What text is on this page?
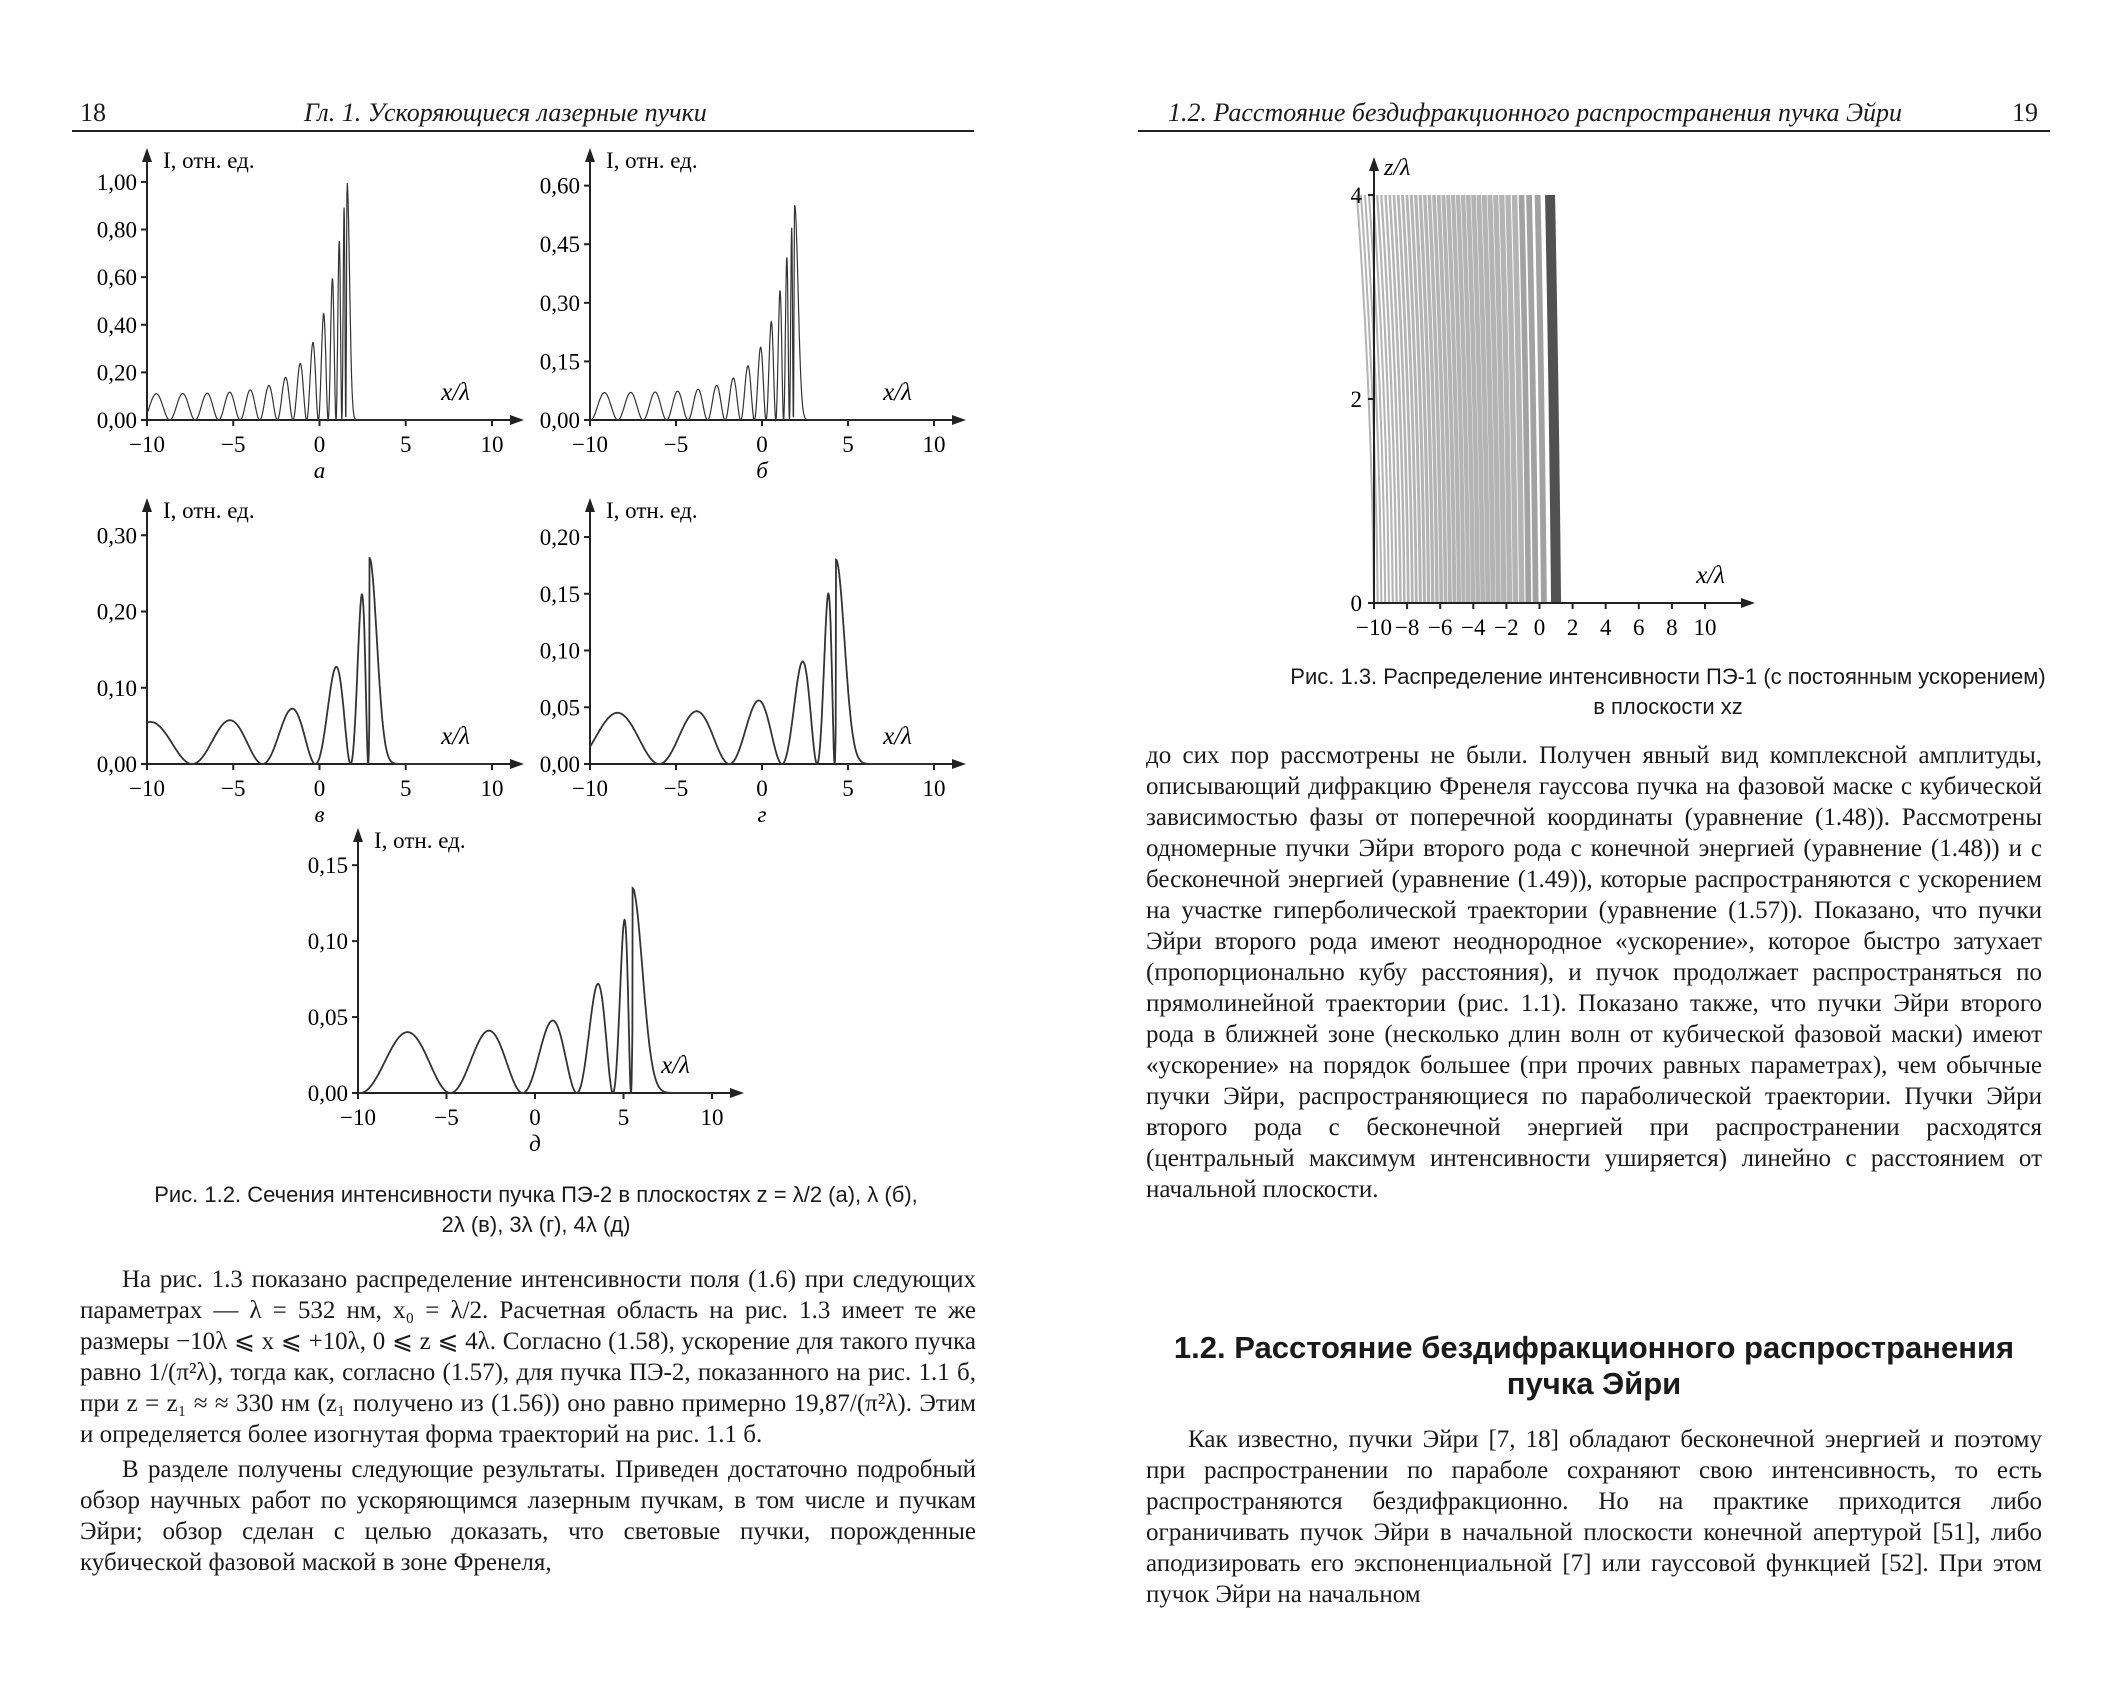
18	Гл. 1. Ускоряющиеся лазерные пучки
1,00
0,80
0,60
0,40
0,20
0,00
−10 −5	0	5	10
I, отн. ед.
x/λ
а
0,60
0,45
0,30
0,15
0,00
−10 −5	0	5	10
I, отн. ед.
x/λ
б
0,30
0,20
0,10
0,00
−10 −5	0	5	10
I, отн. ед.
x/λ
в
0,20
0,15
0,10
0,05
0,00
−10 −5	0	5	10
I, отн. ед.
x/λ
г
0,15
0,10
0,05
0,00
−10	−5	0	5	10
I, отн. ед.
x/λ
д
Рис. 1.2. Сечения интенсивности пучка ПЭ-2 в плоскостях z = λ/2 (а), λ (б),
2λ (в), 3λ (г), 4λ (д)

На рис. 1.3 показано распределение интенсивности поля (1.6) при следующих параметрах — λ = 532 нм, x₀ = λ/2. Расчетная область на рис. 1.3 имеет те же размеры −10λ ⩽ x ⩽ +10λ, 0 ⩽ z ⩽ 4λ. Согласно (1.58), ускорение для такого пучка равно 1/(π²λ), тогда как, согласно (1.57), для пучка ПЭ-2, показанного на рис. 1.1 б, при z = z₁ ≈ ≈ 330 нм (z₁ получено из (1.56)) оно равно примерно 19,87/(π²λ). Этим и определяется более изогнутая форма траекторий на рис. 1.1 б.

В разделе получены следующие результаты. Приведен достаточно подробный обзор научных работ по ускоряющимся лазерным пучкам, в том числе и пучкам Эйри; обзор сделан с целью доказать, что световые пучки, порожденные кубической фазовой маской в зоне Френеля,

1.2. Расстояние бездифракционного распространения пучка Эйри	19
z/λ
x/λ
4
2
0
−10 −8 −6 −4 −2 0 2 4 6 8 10
Рис. 1.3. Распределение интенсивности ПЭ-1 (с постоянным ускорением)
в плоскости xz

до сих пор рассмотрены не были. Получен явный вид комплексной амплитуды, описывающий дифракцию Френеля гауссова пучка на фазовой маске с кубической зависимостью фазы от поперечной координаты (уравнение (1.48)). Рассмотрены одномерные пучки Эйри второго рода с конечной энергией (уравнение (1.48)) и с бесконечной энергией (уравнение (1.49)), которые распространяются с ускорением на участке гиперболической траектории (уравнение (1.57)). Показано, что пучки Эйри второго рода имеют неоднородное «ускорение», которое быстро затухает (пропорционально кубу расстояния), и пучок продолжает распространяться по прямолинейной траектории (рис. 1.1). Показано также, что пучки Эйри второго рода в ближней зоне (несколько длин волн от кубической фазовой маски) имеют «ускорение» на порядок большее (при прочих равных параметрах), чем обычные пучки Эйри, распространяющиеся по параболической траектории. Пучки Эйри второго рода с бесконечной энергией при распространении расходятся (центральный максимум интенсивности уширяется) линейно с расстоянием от начальной плоскости.

1.2. Расстояние бездифракционного распространения
пучка Эйри

Как известно, пучки Эйри [7, 18] обладают бесконечной энергией и поэтому при распространении по параболе сохраняют свою интенсивность, то есть распространяются бездифракционно. Но на практике приходится либо ограничивать пучок Эйри в начальной плоскости конечной апертурой [51], либо аподизировать его экспоненциальной [7] или гауссовой функцией [52]. При этом пучок Эйри на начальном
